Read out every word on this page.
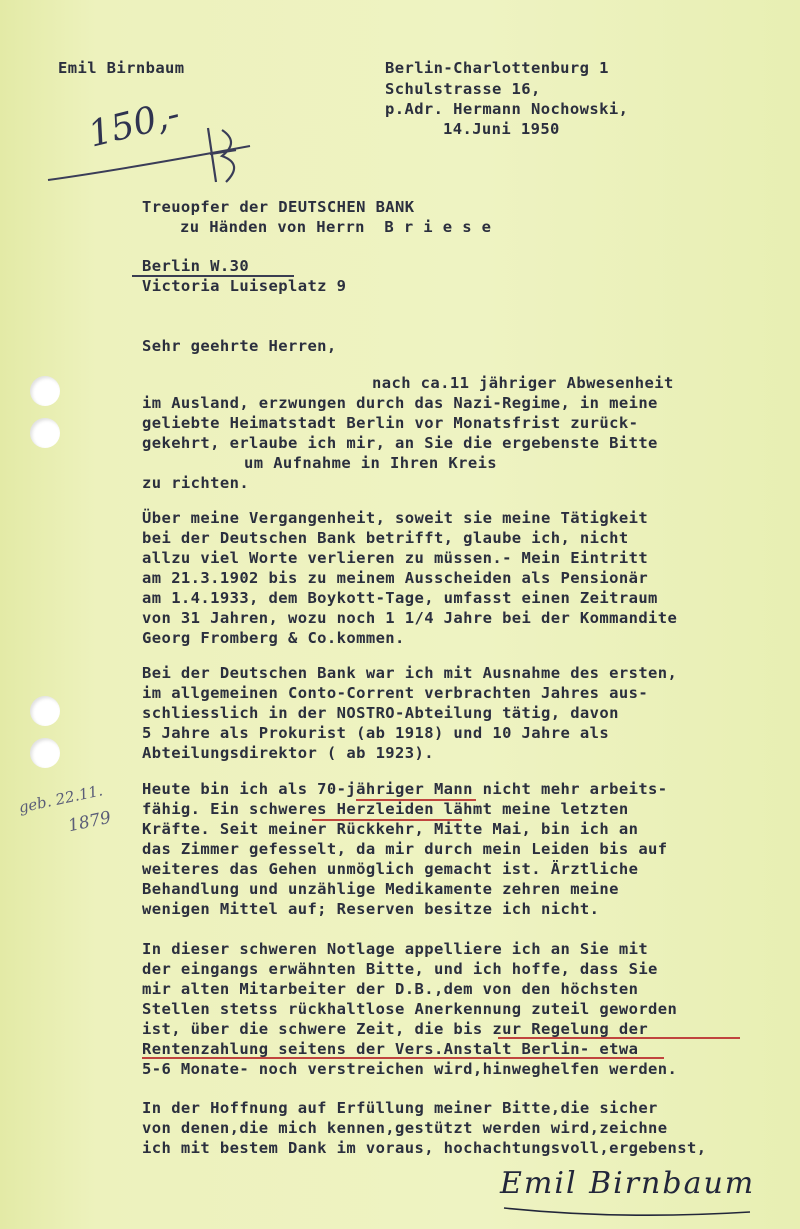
Emil Birnbaum	Berlin-Charlottenburg 1
Schulstrasse 16,
p.Adr. Hermann Nochowski,
14.Juni 1950
150,-
Treuopfer der DEUTSCHEN BANK
zu Händen von Herrn  B r i e s e
Berlin W.30
Victoria Luiseplatz 9
Sehr geehrte Herren,
nach ca.11 jähriger Abwesenheit
im Ausland, erzwungen durch das Nazi-Regime, in meine
geliebte Heimatstadt Berlin vor Monatsfrist zurück-
gekehrt, erlaube ich mir, an Sie die ergebenste Bitte
um Aufnahme in Ihren Kreis
zu richten.
Über meine Vergangenheit, soweit sie meine Tätigkeit
bei der Deutschen Bank betrifft, glaube ich, nicht
allzu viel Worte verlieren zu müssen.- Mein Eintritt
am 21.3.1902 bis zu meinem Ausscheiden als Pensionär
am 1.4.1933, dem Boykott-Tage, umfasst einen Zeitraum
von 31 Jahren, wozu noch 1 1/4 Jahre bei der Kommandite
Georg Fromberg & Co.kommen.
Bei der Deutschen Bank war ich mit Ausnahme des ersten,
im allgemeinen Conto-Corrent verbrachten Jahres aus-
schliesslich in der NOSTRO-Abteilung tätig, davon
5 Jahre als Prokurist (ab 1918) und 10 Jahre als
Abteilungsdirektor ( ab 1923).
geb. 22.11.
1879
Heute bin ich als 70-jähriger Mann nicht mehr arbeits-
fähig. Ein schweres Herzleiden lähmt meine letzten
Kräfte. Seit meiner Rückkehr, Mitte Mai, bin ich an
das Zimmer gefesselt, da mir durch mein Leiden bis auf
weiteres das Gehen unmöglich gemacht ist. Ärztliche
Behandlung und unzählige Medikamente zehren meine
wenigen Mittel auf; Reserven besitze ich nicht.
In dieser schweren Notlage appelliere ich an Sie mit
der eingangs erwähnten Bitte, und ich hoffe, dass Sie
mir alten Mitarbeiter der D.B.,dem von den höchsten
Stellen stetss rückhaltlose Anerkennung zuteil geworden
ist, über die schwere Zeit, die bis zur Regelung der
Rentenzahlung seitens der Vers.Anstalt Berlin- etwa
5-6 Monate- noch verstreichen wird,hinweghelfen werden.
In der Hoffnung auf Erfüllung meiner Bitte,die sicher
von denen,die mich kennen,gestützt werden wird,zeichne
ich mit bestem Dank im voraus, hochachtungsvoll,ergebenst,
Emil Birnbaum
